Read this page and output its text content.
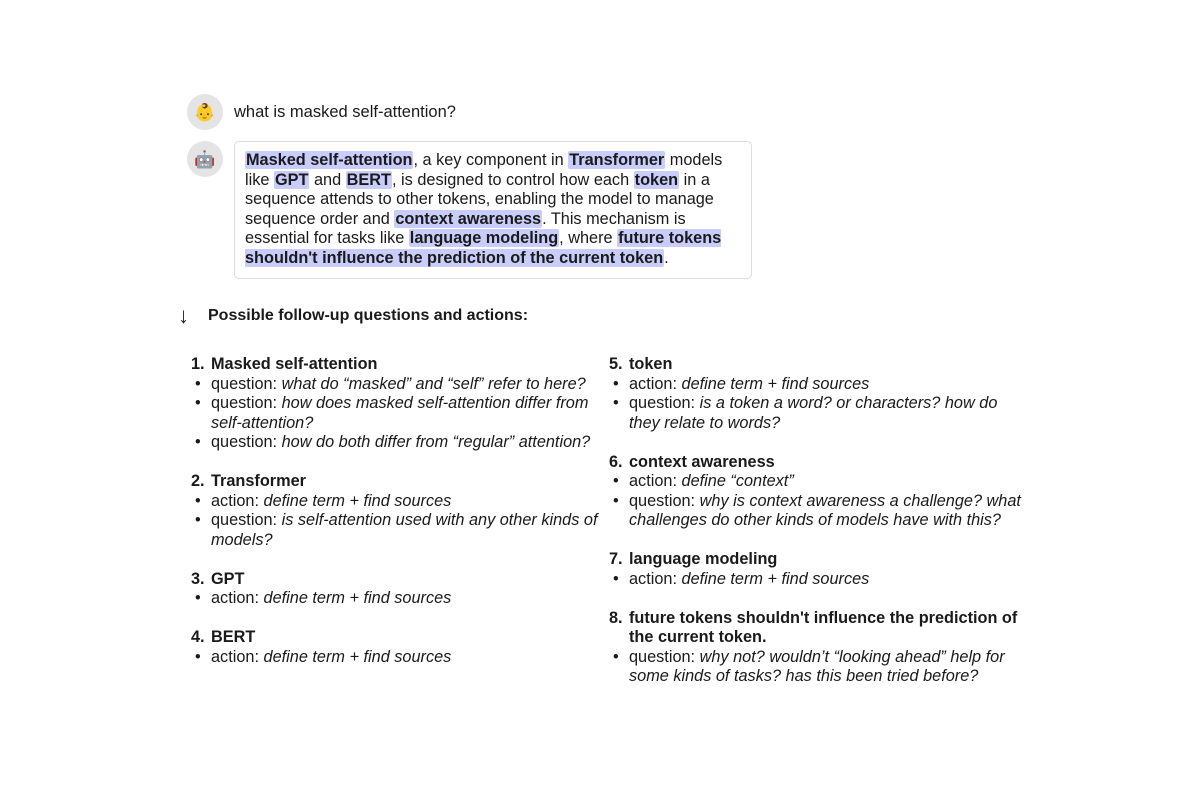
👶 what is masked self-attention?
🤖	Masked self-attention, a key component in Transformer models like GPT and BERT, is designed to control how each token in a sequence attends to other tokens, enabling the model to manage sequence order and context awareness. This mechanism is essential for tasks like language modeling, where future tokens shouldn't influence the prediction of the current token.
↓	Possible follow-up questions and actions:
1. Masked self-attention
• question: what do “masked” and “self” refer to here?
• question: how does masked self-attention differ from self-attention?
• question: how do both differ from “regular” attention?
2. Transformer
• action: define term + find sources
• question: is self-attention used with any other kinds of models?
3. GPT
• action: define term + find sources
4. BERT
• action: define term + find sources
5. token
• action: define term + find sources
• question: is a token a word? or characters? how do they relate to words?
6. context awareness
• action: define “context”
• question: why is context awareness a challenge? what challenges do other kinds of models have with this?
7. language modeling
• action: define term + find sources
8. future tokens shouldn't influence the prediction of the current token.
• question: why not? wouldn’t “looking ahead” help for some kinds of tasks? has this been tried before?
